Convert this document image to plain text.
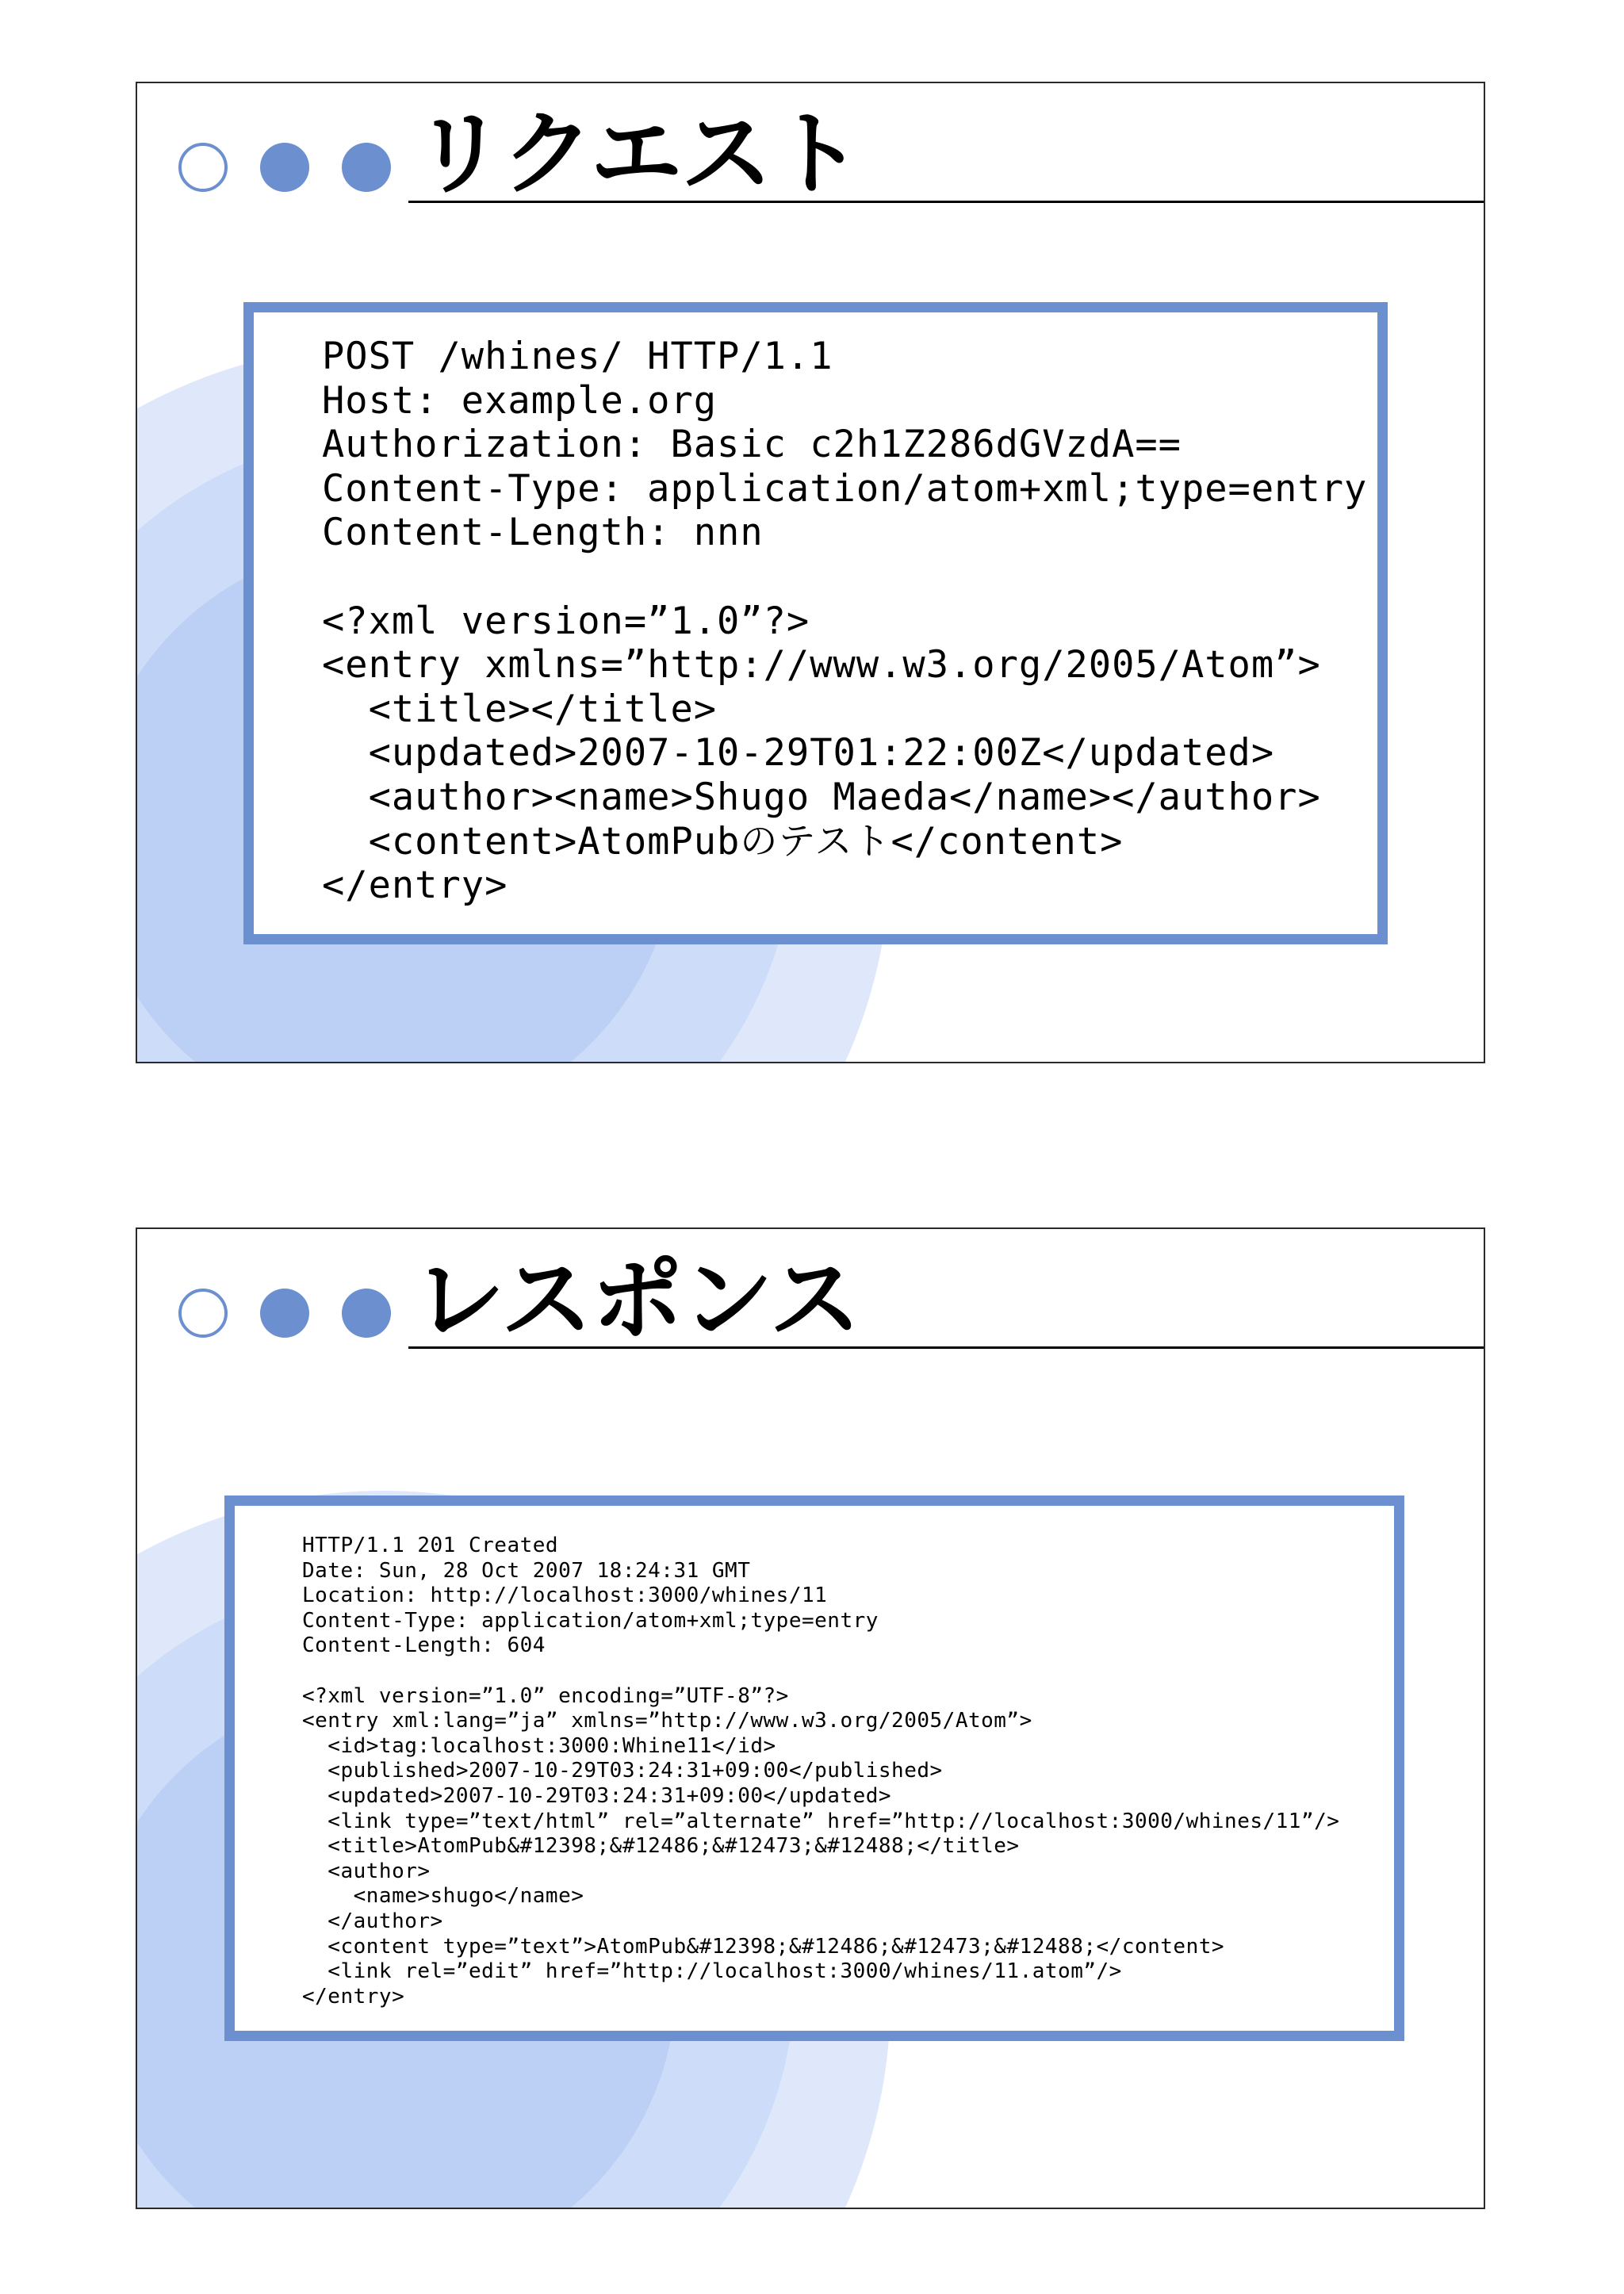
リクエスト
POST /whines/ HTTP/1.1
Host: example.org
Authorization: Basic c2h1Z286dGVzdA==
Content-Type: application/atom+xml;type=entry
Content-Length: nnn

<?xml version=”1.0”?>
<entry xmlns=”http://www.w3.org/2005/Atom”>
<title></title>
<updated>2007-10-29T01:22:00Z</updated>
<author><name>Shugo Maeda</name></author>
<content>AtomPubのテスト</content>
</entry>
レスポンス
HTTP/1.1 201 Created
Date: Sun, 28 Oct 2007 18:24:31 GMT
Location: http://localhost:3000/whines/11
Content-Type: application/atom+xml;type=entry
Content-Length: 604

<?xml version=”1.0” encoding=”UTF-8”?>
<entry xml:lang=”ja” xmlns=”http://www.w3.org/2005/Atom”>
<id>tag:localhost:3000:Whine11</id>
<published>2007-10-29T03:24:31+09:00</published>
<updated>2007-10-29T03:24:31+09:00</updated>
<link type=”text/html” rel=”alternate” href=”http://localhost:3000/whines/11”/>
<title>AtomPub&#12398;&#12486;&#12473;&#12488;</title>
<author>
<name>shugo</name>
</author>
<content type=”text”>AtomPub&#12398;&#12486;&#12473;&#12488;</content>
<link rel=”edit” href=”http://localhost:3000/whines/11.atom”/>
</entry>
